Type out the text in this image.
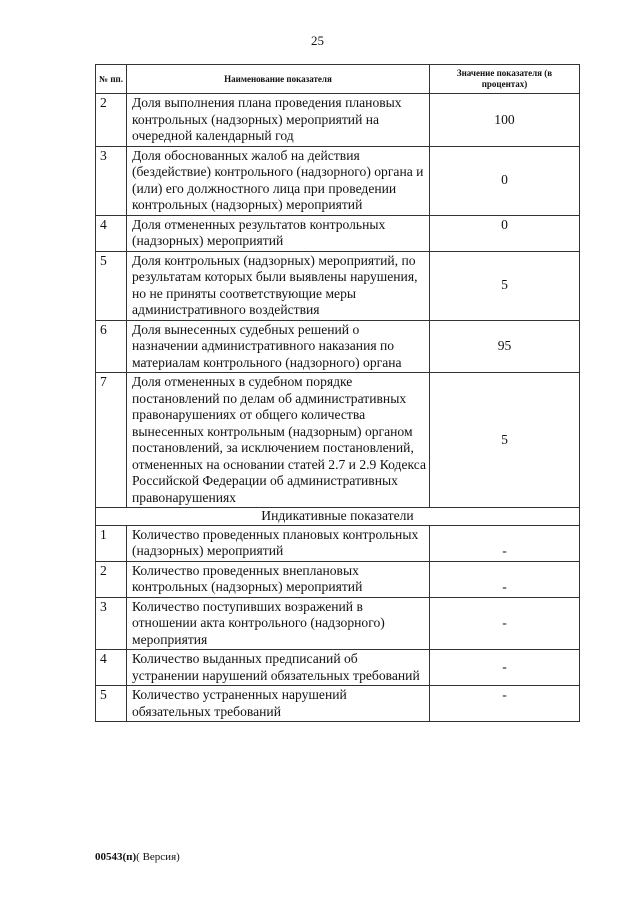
25
№ пп.	Наименование показателя	Значение показателя (в процентах)
2	Доля выполнения плана проведения плановых контрольных (надзорных) мероприятий на очередной календарный год	100
3	Доля обоснованных жалоб на действия (бездействие) контрольного (надзорного) органа и (или) его должностного лица при проведении контрольных (надзорных) мероприятий	0
4	Доля отмененных результатов контрольных (надзорных) мероприятий	0
5	Доля контрольных (надзорных) мероприятий, по результатам которых были выявлены нарушения, но не приняты соответствующие меры административного воздействия	5
6	Доля вынесенных судебных решений о назначении административного наказания по материалам контрольного (надзорного) органа	95
7	Доля отмененных в судебном порядке постановлений по делам об административных правонарушениях от общего количества вынесенных контрольным (надзорным) органом постановлений, за исключением постановлений, отмененных на основании статей 2.7 и 2.9 Кодекса Российской Федерации об административных правонарушениях	5
Индикативные показатели		
1	Количество проведенных плановых контрольных (надзорных) мероприятий	-
2	Количество проведенных внеплановых контрольных (надзорных) мероприятий	-
3	Количество поступивших возражений в отношении акта контрольного (надзорного) мероприятия	-
4	Количество выданных предписаний об устранении нарушений обязательных требований	-
5	Количество устраненных нарушений обязательных требований	-
00543(п)( Версия)
